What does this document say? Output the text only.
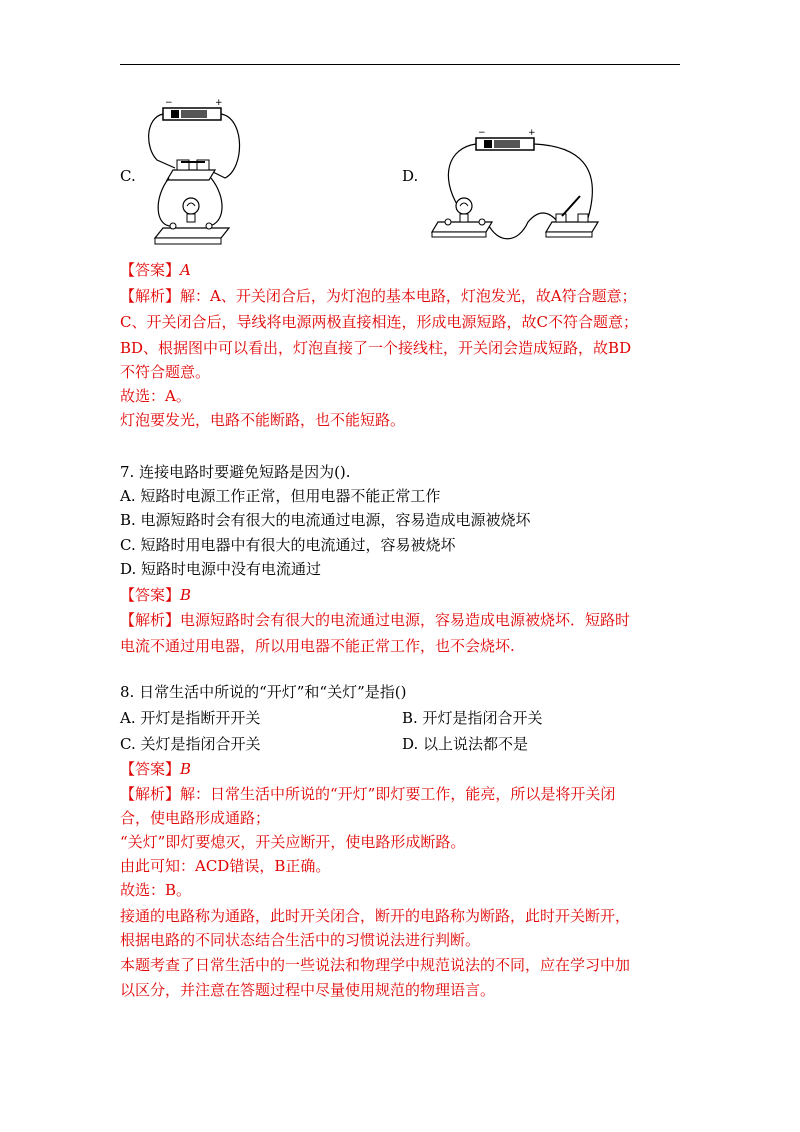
C.
−	+
D.
−	+
【答案】A
【解析】解：A、开关闭合后，为灯泡的基本电路，灯泡发光，故A符合题意；
C、开关闭合后，导线将电源两极直接相连，形成电源短路，故C不符合题意；
BD、根据图中可以看出，灯泡直接了一个接线柱，开关闭会造成短路，故BD
不符合题意。
故选：A。
灯泡要发光，电路不能断路，也不能短路。
7. 连接电路时要避免短路是因为().
A. 短路时电源工作正常，但用电器不能正常工作
B. 电源短路时会有很大的电流通过电源，容易造成电源被烧坏
C. 短路时用电器中有很大的电流通过，容易被烧坏
D. 短路时电源中没有电流通过
【答案】B
【解析】电源短路时会有很大的电流通过电源，容易造成电源被烧坏．短路时
电流不通过用电器，所以用电器不能正常工作，也不会烧坏.
8. 日常生活中所说的“开灯”和“关灯”是指()
A. 开灯是指断开开关	B. 开灯是指闭合开关
C. 关灯是指闭合开关	D. 以上说法都不是
【答案】B
【解析】解：日常生活中所说的“开灯”即灯要工作，能亮，所以是将开关闭
合，使电路形成通路；
“关灯”即灯要熄灭，开关应断开，使电路形成断路。
由此可知：ACD错误，B正确。
故选：B。
接通的电路称为通路，此时开关闭合，断开的电路称为断路，此时开关断开，
根据电路的不同状态结合生活中的习惯说法进行判断。
本题考查了日常生活中的一些说法和物理学中规范说法的不同，应在学习中加
以区分，并注意在答题过程中尽量使用规范的物理语言。
